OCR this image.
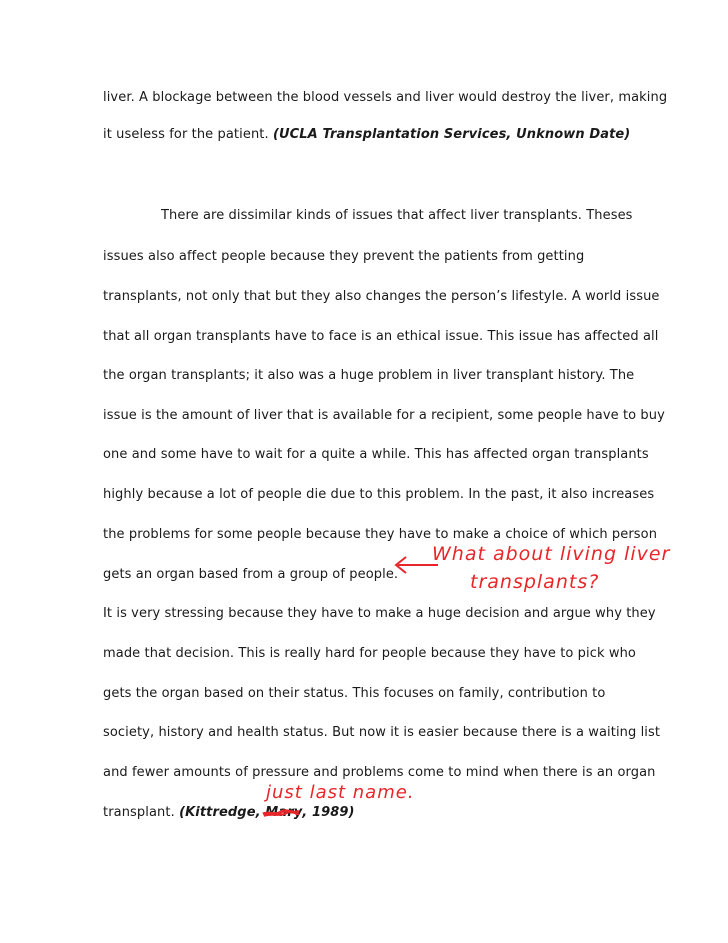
liver. A blockage between the blood vessels and liver would destroy the liver, making
it useless for the patient. (UCLA Transplantation Services, Unknown Date)
There are dissimilar kinds of issues that affect liver transplants. Theses
issues also affect people because they prevent the patients from getting
transplants, not only that but they also changes the person’s lifestyle. A world issue
that all organ transplants have to face is an ethical issue. This issue has affected all
the organ transplants; it also was a huge problem in liver transplant history. The
issue is the amount of liver that is available for a recipient, some people have to buy
one and some have to wait for a quite a while. This has affected organ transplants
highly because a lot of people die due to this problem. In the past, it also increases
the problems for some people because they have to make a choice of which person
gets an organ based from a group of people.
It is very stressing because they have to make a huge decision and argue why they
made that decision. This is really hard for people because they have to pick who
gets the organ based on their status. This focuses on family, contribution to
society, history and health status. But now it is easier because there is a waiting list
and fewer amounts of pressure and problems come to mind when there is an organ
transplant. (Kittredge, Mary
, 1989)
What about living liver
transplants?
just last name.
